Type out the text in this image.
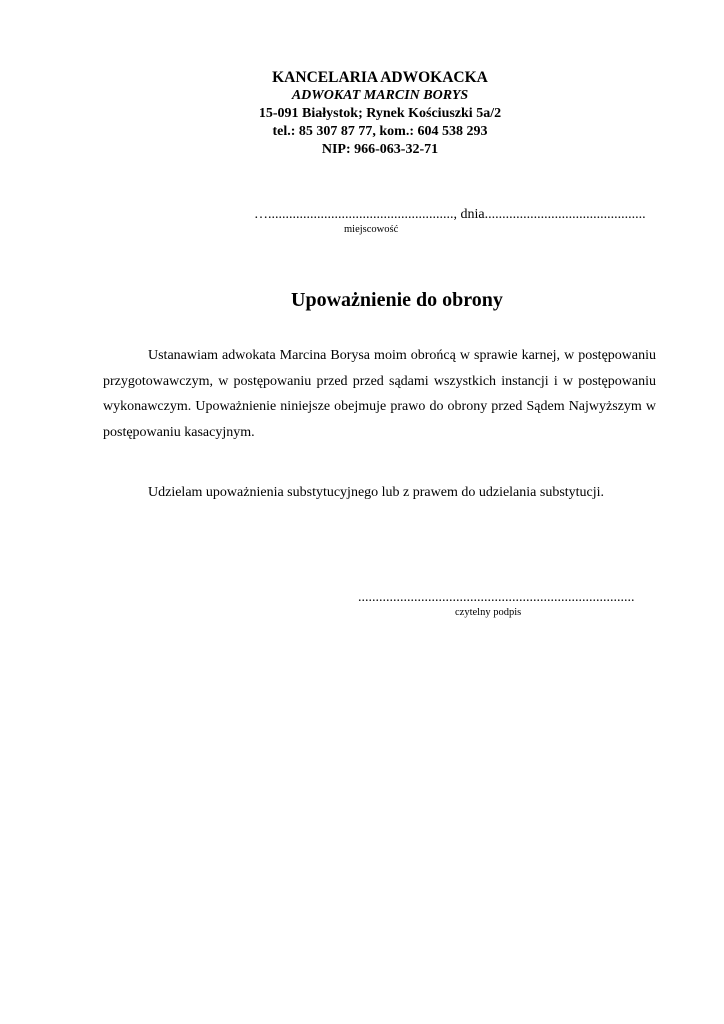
KANCELARIA ADWOKACKA
ADWOKAT MARCIN BORYS
15-091 Białystok; Rynek Kościuszki 5a/2
tel.: 85 307 87 77, kom.: 604 538 293
NIP: 966-063-32-71
…....................................................., dnia..............................................
miejscowość
Upoważnienie do obrony
Ustanawiam adwokata Marcina Borysa moim obrońcą w sprawie karnej, w postępowaniu przygotowawczym, w postępowaniu przed przed sądami wszystkich instancji i w postępowaniu wykonawczym. Upoważnienie niniejsze obejmuje prawo do obrony przed Sądem Najwyższym w postępowaniu kasacyjnym.
Udzielam upoważnienia substytucyjnego lub z prawem do udzielania substytucji.
...............................................................................
czytelny podpis
